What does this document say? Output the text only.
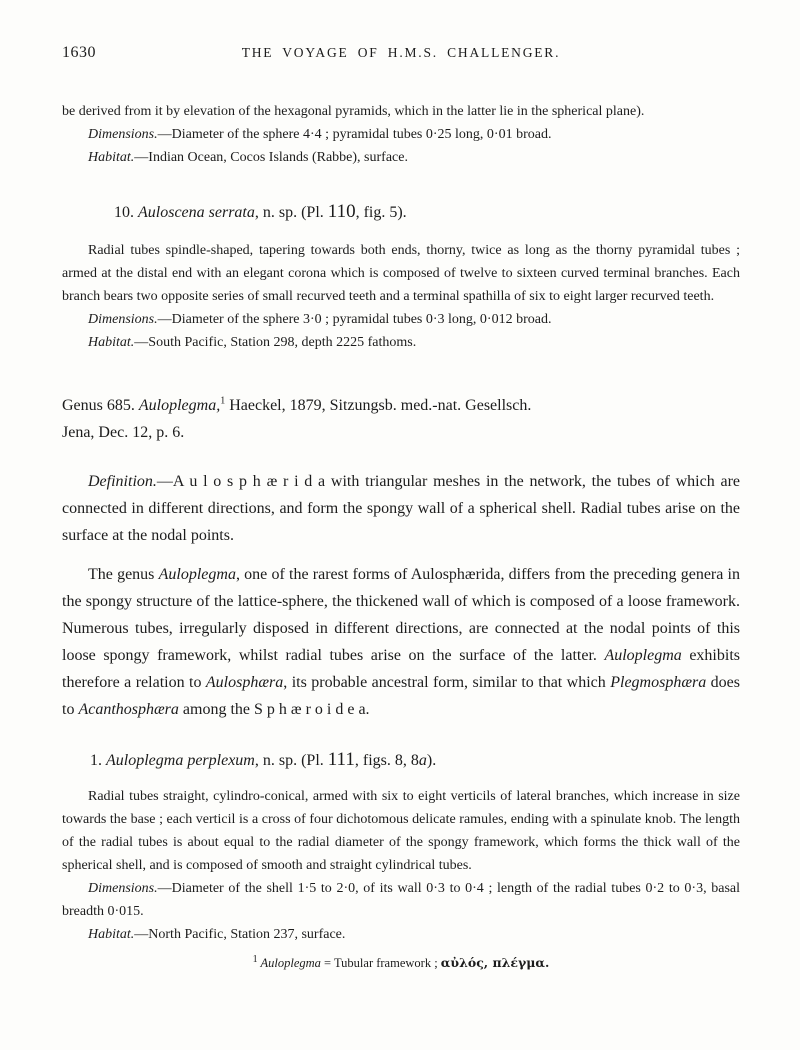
1630	THE VOYAGE OF H.M.S. CHALLENGER.

be derived from it by elevation of the hexagonal pyramids, which in the latter lie in the spherical plane).

Dimensions.—Diameter of the sphere 4·4 ; pyramidal tubes 0·25 long, 0·01 broad.

Habitat.—Indian Ocean, Cocos Islands (Rabbe), surface.

10. Auloscena serrata, n. sp. (Pl. 110, fig. 5).

Radial tubes spindle-shaped, tapering towards both ends, thorny, twice as long as the thorny pyramidal tubes ; armed at the distal end with an elegant corona which is composed of twelve to sixteen curved terminal branches. Each branch bears two opposite series of small recurved teeth and a terminal spathilla of six to eight larger recurved teeth.

Dimensions.—Diameter of the sphere 3·0 ; pyramidal tubes 0·3 long, 0·012 broad.

Habitat.—South Pacific, Station 298, depth 2225 fathoms.

Genus 685. Auloplegma,$^1$ Haeckel, 1879, Sitzungsb. med.-nat. Gesellsch.

Jena, Dec. 12, p. 6.

Definition.—A u l o s p h æ r i d a with triangular meshes in the network, the tubes of which are connected in different directions, and form the spongy wall of a spherical shell. Radial tubes arise on the surface at the nodal points.

The genus Auloplegma, one of the rarest forms of Aulosphærida, differs from the preceding genera in the spongy structure of the lattice-sphere, the thickened wall of which is composed of a loose framework. Numerous tubes, irregularly disposed in different directions, are connected at the nodal points of this loose spongy framework, whilst radial tubes arise on the surface of the latter. Auloplegma exhibits therefore a relation to Aulosphæra, its probable ancestral form, similar to that which Plegmosphæra does to Acanthosphæra among the S p h æ r o i d e a.

1. Auloplegma perplexum, n. sp. (Pl. 111, figs. 8, 8a).

Radial tubes straight, cylindro-conical, armed with six to eight verticils of lateral branches, which increase in size towards the base ; each verticil is a cross of four dichotomous delicate ramules, ending with a spinulate knob. The length of the radial tubes is about equal to the radial diameter of the spongy framework, which forms the thick wall of the spherical shell, and is composed of smooth and straight cylindrical tubes.

Dimensions.—Diameter of the shell 1·5 to 2·0, of its wall 0·3 to 0·4 ; length of the radial tubes 0·2 to 0·3, basal breadth 0·015.

Habitat.—North Pacific, Station 237, surface.

$^1$ Auloplegma = Tubular framework ; αὐλός, πλέγμα.
